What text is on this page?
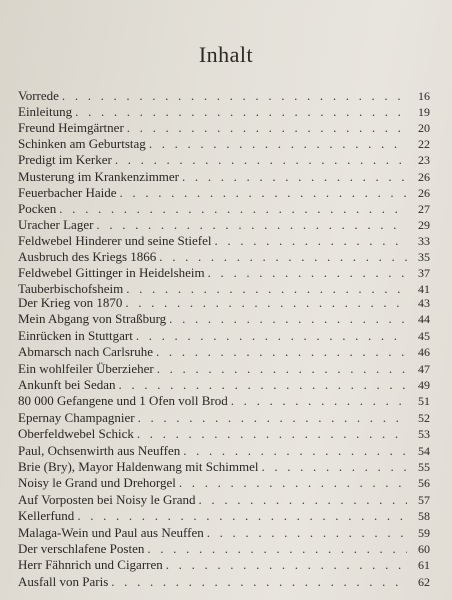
Inhalt
Vorrede . . .	16
Einleitung . . .	19
Freund Heimgärtner . . .	20
Schinken am Geburtstag . . .	22
Predigt im Kerker . . .	23
Musterung im Krankenzimmer . . .	26
Feuerbacher Haide . . .	26
Pocken . . .	27
Uracher Lager . . .	29
Feldwebel Hinderer und seine Stiefel . . .	33
Ausbruch des Kriegs 1866 . . .	35
Feldwebel Gittinger in Heidelsheim . . .	37
Tauberbischofsheim . . .	41
Der Krieg von 1870 . . .	43
Mein Abgang von Straßburg . . .	44
Einrücken in Stuttgart . . .	45
Abmarsch nach Carlsruhe . . .	46
Ein wohlfeiler Überzieher . . .	47
Ankunft bei Sedan . . .	49
80 000 Gefangene und 1 Ofen voll Brod . . .	51
Epernay Champagnier . . .	52
Oberfeldwebel Schick . . .	53
Paul, Ochsenwirth aus Neuffen . . .	54
Brie (Bry), Mayor Haldenwang mit Schimmel . . .	55
Noisy le Grand und Drehorgel . . .	56
Auf Vorposten bei Noisy le Grand . . .	57
Kellerfund . . .	58
Malaga-Wein und Paul aus Neuffen . . .	59
Der verschlafene Posten . . .	60
Herr Fähnrich und Cigarren . . .	61
Ausfall von Paris . . .	62
